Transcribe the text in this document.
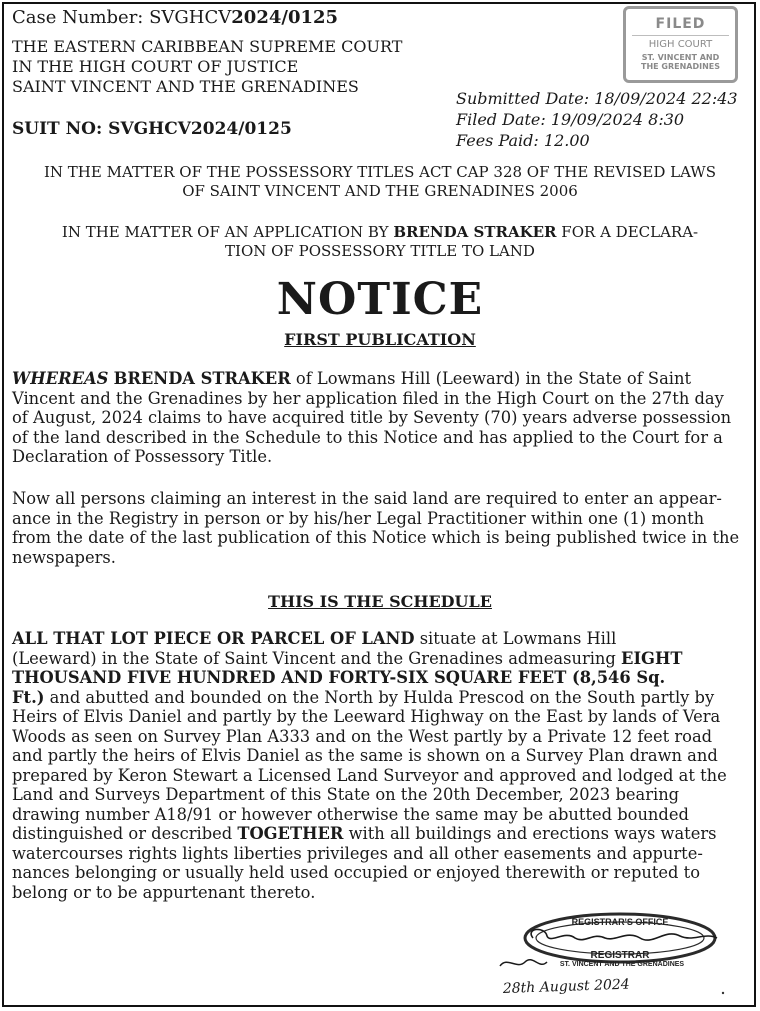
Case Number: SVGHCV2024/0125
THE EASTERN CARIBBEAN SUPREME COURT
IN THE HIGH COURT OF JUSTICE
SAINT VINCENT AND THE GRENADINES
SUIT NO: SVGHCV2024/0125
FILED
HIGH COURT
ST. VINCENT AND
THE GRENADINES
Submitted Date: 18/09/2024 22:43
Filed Date: 19/09/2024 8:30
Fees Paid: 12.00
IN THE MATTER OF THE POSSESSORY TITLES ACT CAP 328 OF THE REVISED LAWS
OF SAINT VINCENT AND THE GRENADINES 2006
IN THE MATTER OF AN APPLICATION BY BRENDA STRAKER FOR A DECLARA-
TION OF POSSESSORY TITLE TO LAND
NOTICE
FIRST PUBLICATION
WHEREAS BRENDA STRAKER of Lowmans Hill (Leeward) in the State of Saint
Vincent and the Grenadines by her application filed in the High Court on the 27th day
of August, 2024 claims to have acquired title by Seventy (70) years adverse possession
of the land described in the Schedule to this Notice and has applied to the Court for a
Declaration of Possessory Title.
Now all persons claiming an interest in the said land are required to enter an appear-
ance in the Registry in person or by his/her Legal Practitioner within one (1) month
from the date of the last publication of this Notice which is being published twice in the
newspapers.
THIS IS THE SCHEDULE
ALL THAT LOT PIECE OR PARCEL OF LAND situate at Lowmans Hill
(Leeward) in the State of Saint Vincent and the Grenadines admeasuring EIGHT
THOUSAND FIVE HUNDRED AND FORTY-SIX SQUARE FEET (8,546 Sq.
Ft.) and abutted and bounded on the North by Hulda Prescod on the South partly by
Heirs of Elvis Daniel and partly by the Leeward Highway on the East by lands of Vera
Woods as seen on Survey Plan A333 and on the West partly by a Private 12 feet road
and partly the heirs of Elvis Daniel as the same is shown on a Survey Plan drawn and
prepared by Keron Stewart a Licensed Land Surveyor and approved and lodged at the
Land and Surveys Department of this State on the 20th December, 2023 bearing
drawing number A18/91 or however otherwise the same may be abutted bounded
distinguished or described TOGETHER with all buildings and erections ways waters
watercourses rights lights liberties privileges and all other easements and appurte-
nances belonging or usually held used occupied or enjoyed therewith or reputed to
belong or to be appurtenant thereto.
REGISTRAR'S OFFICE
REGISTRAR
ST. VINCENT AND THE GRENADINES
28th August 2024
